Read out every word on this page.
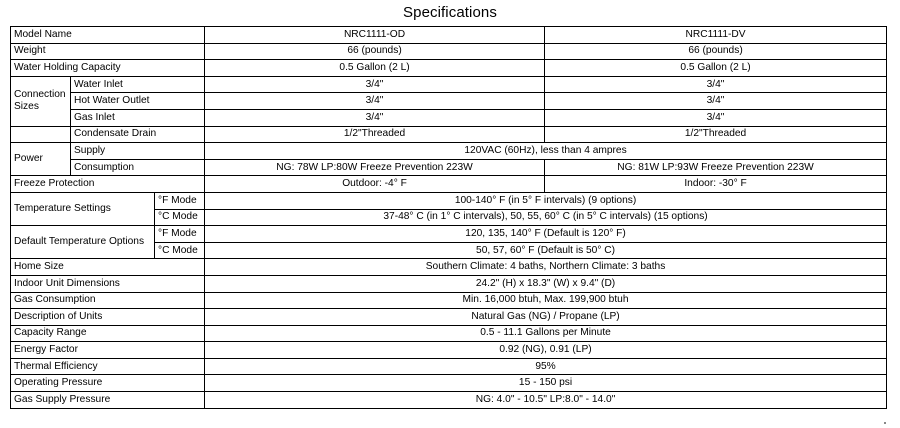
Specifications
Model Name			NRC1111-OD	NRC1111-DV
Weight			66 (pounds)	66 (pounds)
Water Holding Capacity			0.5 Gallon (2 L)	0.5 Gallon (2 L)
Connection Sizes	Water Inlet		3/4"	3/4"
	Hot Water Outlet		3/4"	3/4"
	Gas Inlet		3/4"	3/4"
	Condensate Drain		1/2"Threaded	1/2"Threaded
Power	Supply		120VAC (60Hz), less than 4 ampres	
	Consumption		NG: 78W LP:80W Freeze Prevention 223W	NG: 81W LP:93W Freeze Prevention 223W
Freeze Protection			Outdoor: -4° F	Indoor: -30° F
Temperature Settings		°F Mode	100-140° F (in 5° F intervals) (9 options)	
		°C Mode	37-48° C (in 1° C intervals), 50, 55, 60° C (in 5° C intervals) (15 options)	
Default Temperature Options		°F Mode	120, 135, 140° F (Default is 120° F)	
		°C Mode	50, 57, 60° F (Default is 50° C)	
Home Size			Southern Climate: 4 baths, Northern Climate: 3 baths	
Indoor Unit Dimensions			24.2" (H) x 18.3" (W) x 9.4" (D)	
Gas Consumption			Min. 16,000 btuh, Max. 199,900 btuh	
Description of Units			Natural Gas (NG) / Propane (LP)	
Capacity Range			0.5 - 11.1 Gallons per Minute	
Energy Factor			0.92 (NG), 0.91 (LP)	
Thermal Efficiency			95%	
Operating Pressure			15 - 150 psi	
Gas Supply Pressure			NG: 4.0" - 10.5" LP:8.0" - 14.0"	
